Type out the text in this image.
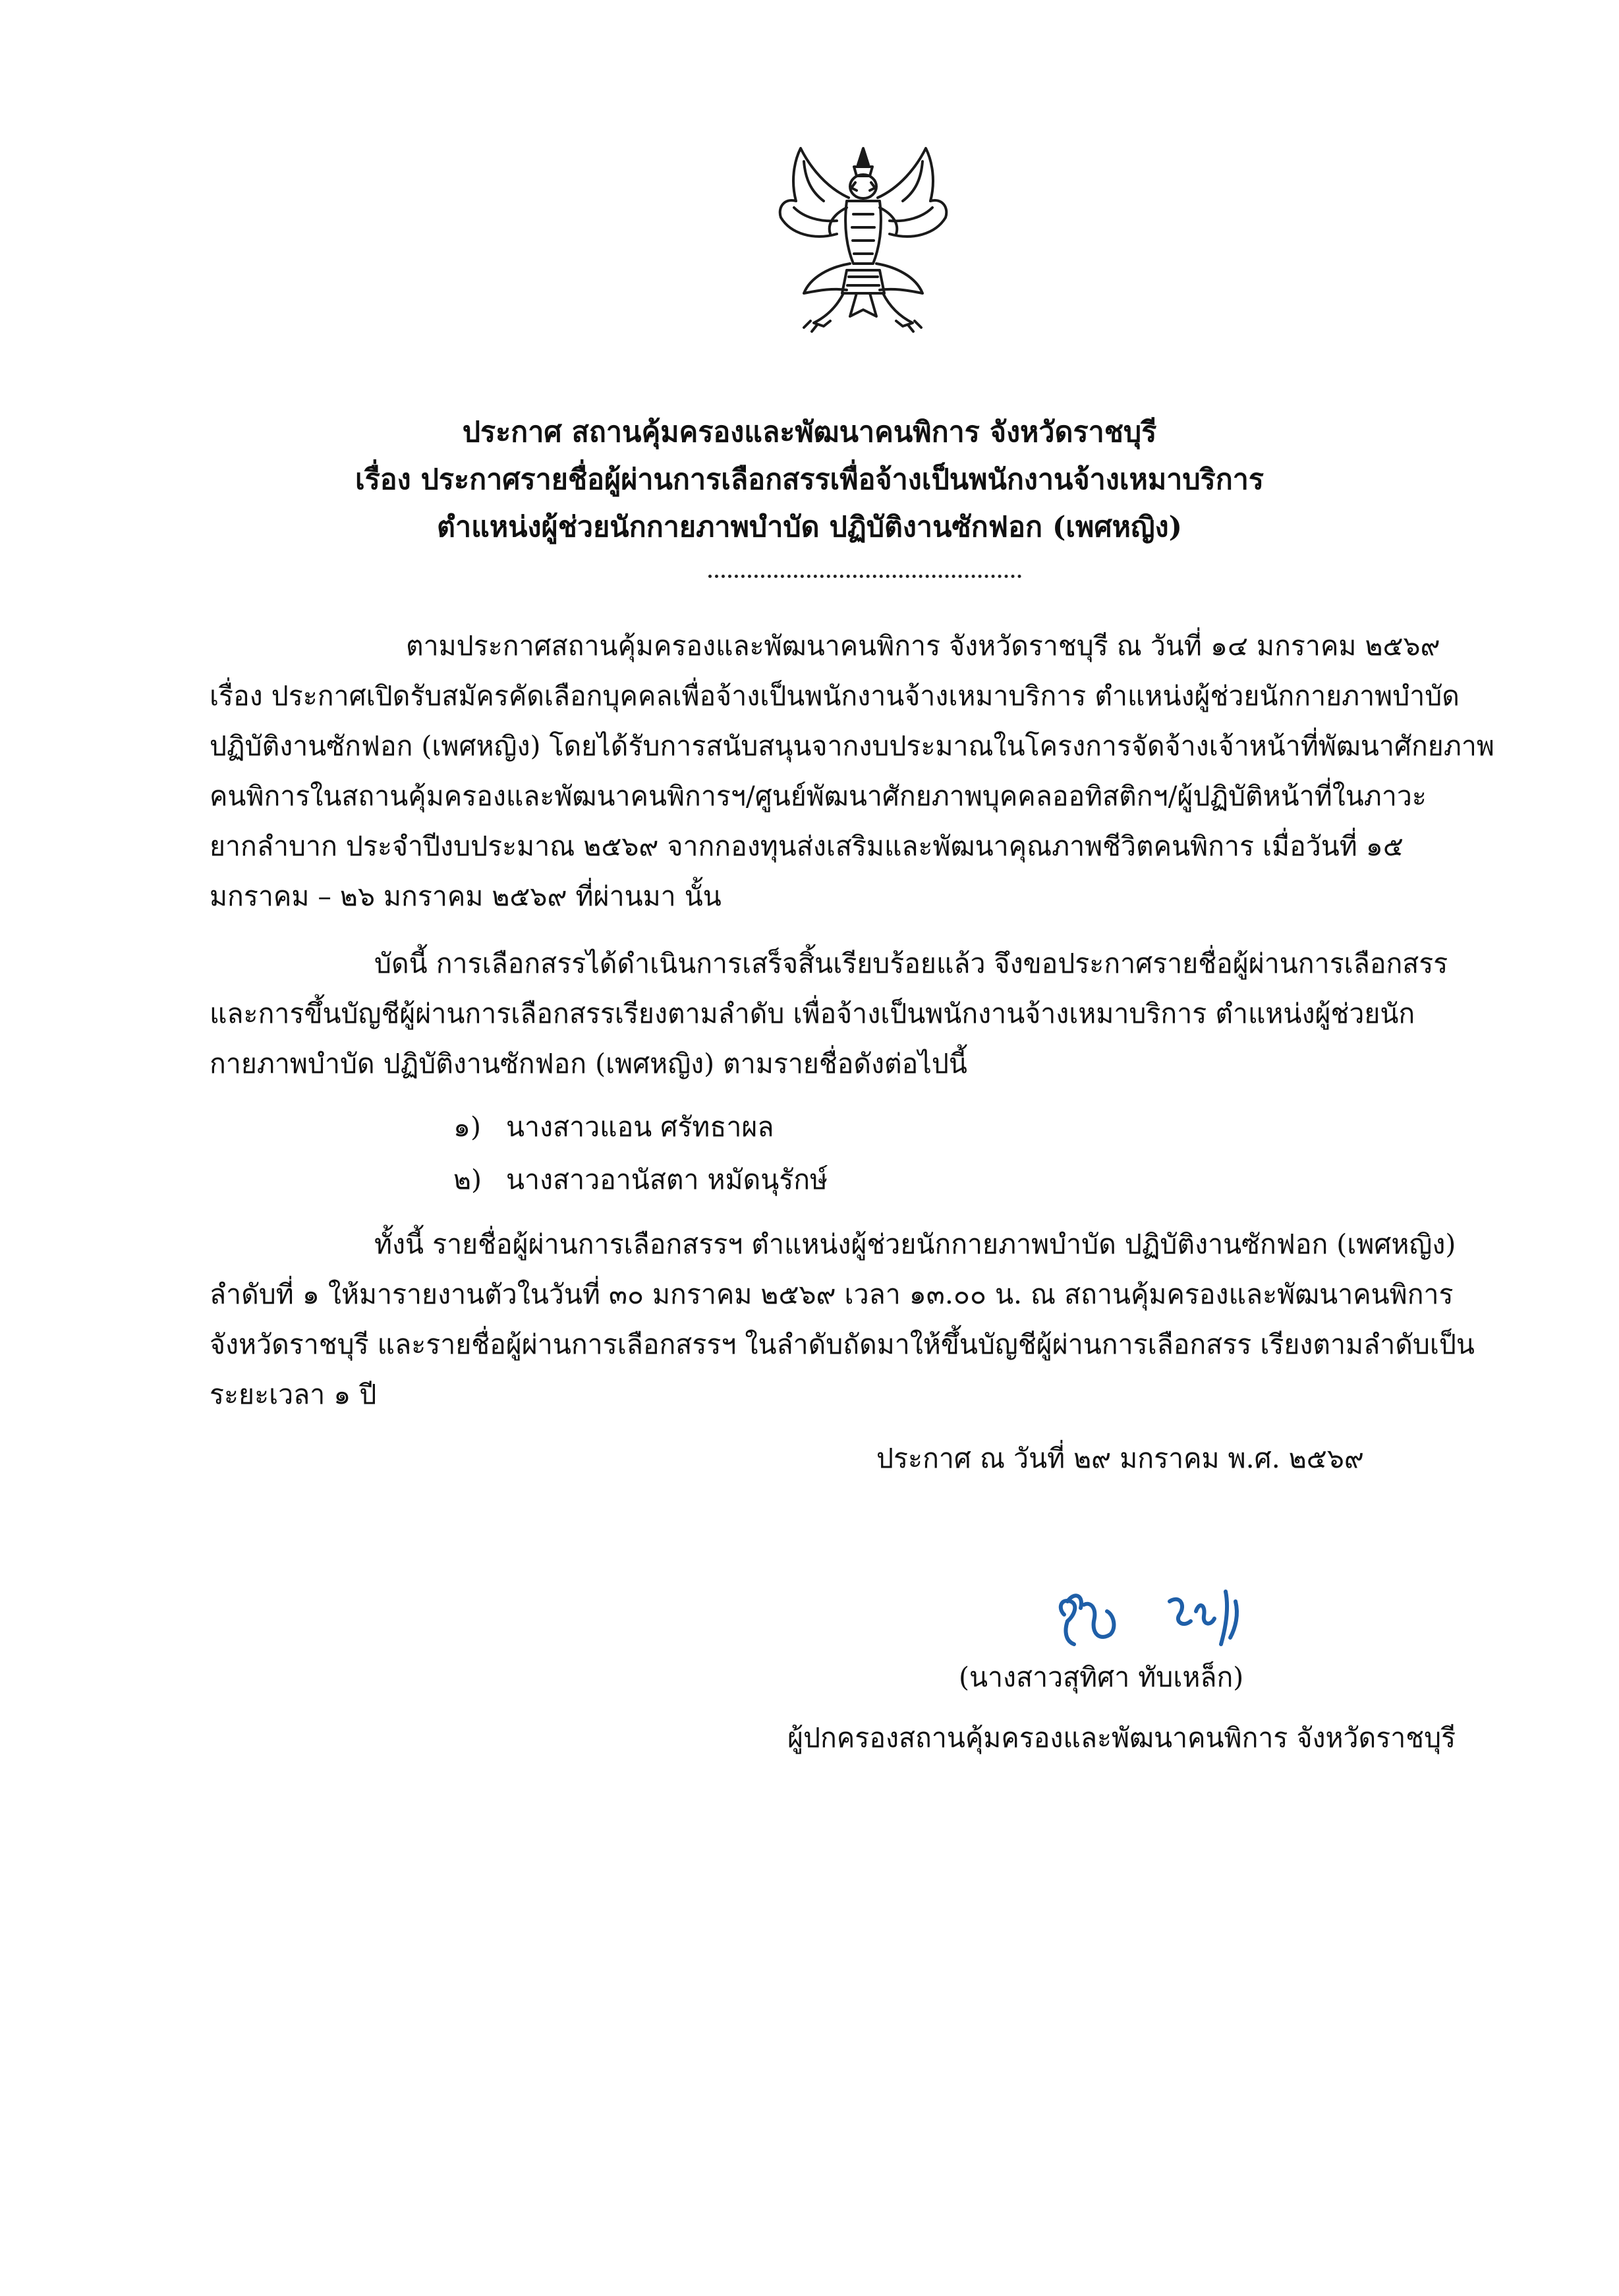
ประกาศ สถานคุ้มครองและพัฒนาคนพิการ จังหวัดราชบุรี
เรื่อง ประกาศรายชื่อผู้ผ่านการเลือกสรรเพื่อจ้างเป็นพนักงานจ้างเหมาบริการ
ตำแหน่งผู้ช่วยนักกายภาพบำบัด ปฏิบัติงานซักฟอก (เพศหญิง)
ตามประกาศสถานคุ้มครองและพัฒนาคนพิการ จังหวัดราชบุรี ณ วันที่ ๑๔ มกราคม ๒๕๖๙
เรื่อง ประกาศเปิดรับสมัครคัดเลือกบุคคลเพื่อจ้างเป็นพนักงานจ้างเหมาบริการ ตำแหน่งผู้ช่วยนักกายภาพบำบัด
ปฏิบัติงานซักฟอก (เพศหญิง) โดยได้รับการสนับสนุนจากงบประมาณในโครงการจัดจ้างเจ้าหน้าที่พัฒนาศักยภาพ
คนพิการในสถานคุ้มครองและพัฒนาคนพิการฯ/ศูนย์พัฒนาศักยภาพบุคคลออทิสติกฯ/ผู้ปฏิบัติหน้าที่ในภาวะ
ยากลำบาก ประจำปีงบประมาณ ๒๕๖๙ จากกองทุนส่งเสริมและพัฒนาคุณภาพชีวิตคนพิการ เมื่อวันที่ ๑๕
มกราคม – ๒๖ มกราคม ๒๕๖๙ ที่ผ่านมา นั้น
บัดนี้ การเลือกสรรได้ดำเนินการเสร็จสิ้นเรียบร้อยแล้ว จึงขอประกาศรายชื่อผู้ผ่านการเลือกสรร
และการขึ้นบัญชีผู้ผ่านการเลือกสรรเรียงตามลำดับ เพื่อจ้างเป็นพนักงานจ้างเหมาบริการ ตำแหน่งผู้ช่วยนัก
กายภาพบำบัด ปฏิบัติงานซักฟอก (เพศหญิง) ตามรายชื่อดังต่อไปนี้
๑) นางสาวแอน ศรัทธาผล
๒) นางสาวอานัสตา หมัดนุรักษ์
ทั้งนี้ รายชื่อผู้ผ่านการเลือกสรรฯ ตำแหน่งผู้ช่วยนักกายภาพบำบัด ปฏิบัติงานซักฟอก (เพศหญิง)
ลำดับที่ ๑ ให้มารายงานตัวในวันที่ ๓๐ มกราคม ๒๕๖๙ เวลา ๑๓.๐๐ น. ณ สถานคุ้มครองและพัฒนาคนพิการ
จังหวัดราชบุรี และรายชื่อผู้ผ่านการเลือกสรรฯ ในลำดับถัดมาให้ขึ้นบัญชีผู้ผ่านการเลือกสรร เรียงตามลำดับเป็น
ระยะเวลา ๑ ปี
ประกาศ ณ วันที่ ๒๙ มกราคม พ.ศ. ๒๕๖๙
(นางสาวสุทิศา ทับเหล็ก)
ผู้ปกครองสถานคุ้มครองและพัฒนาคนพิการ จังหวัดราชบุรี
